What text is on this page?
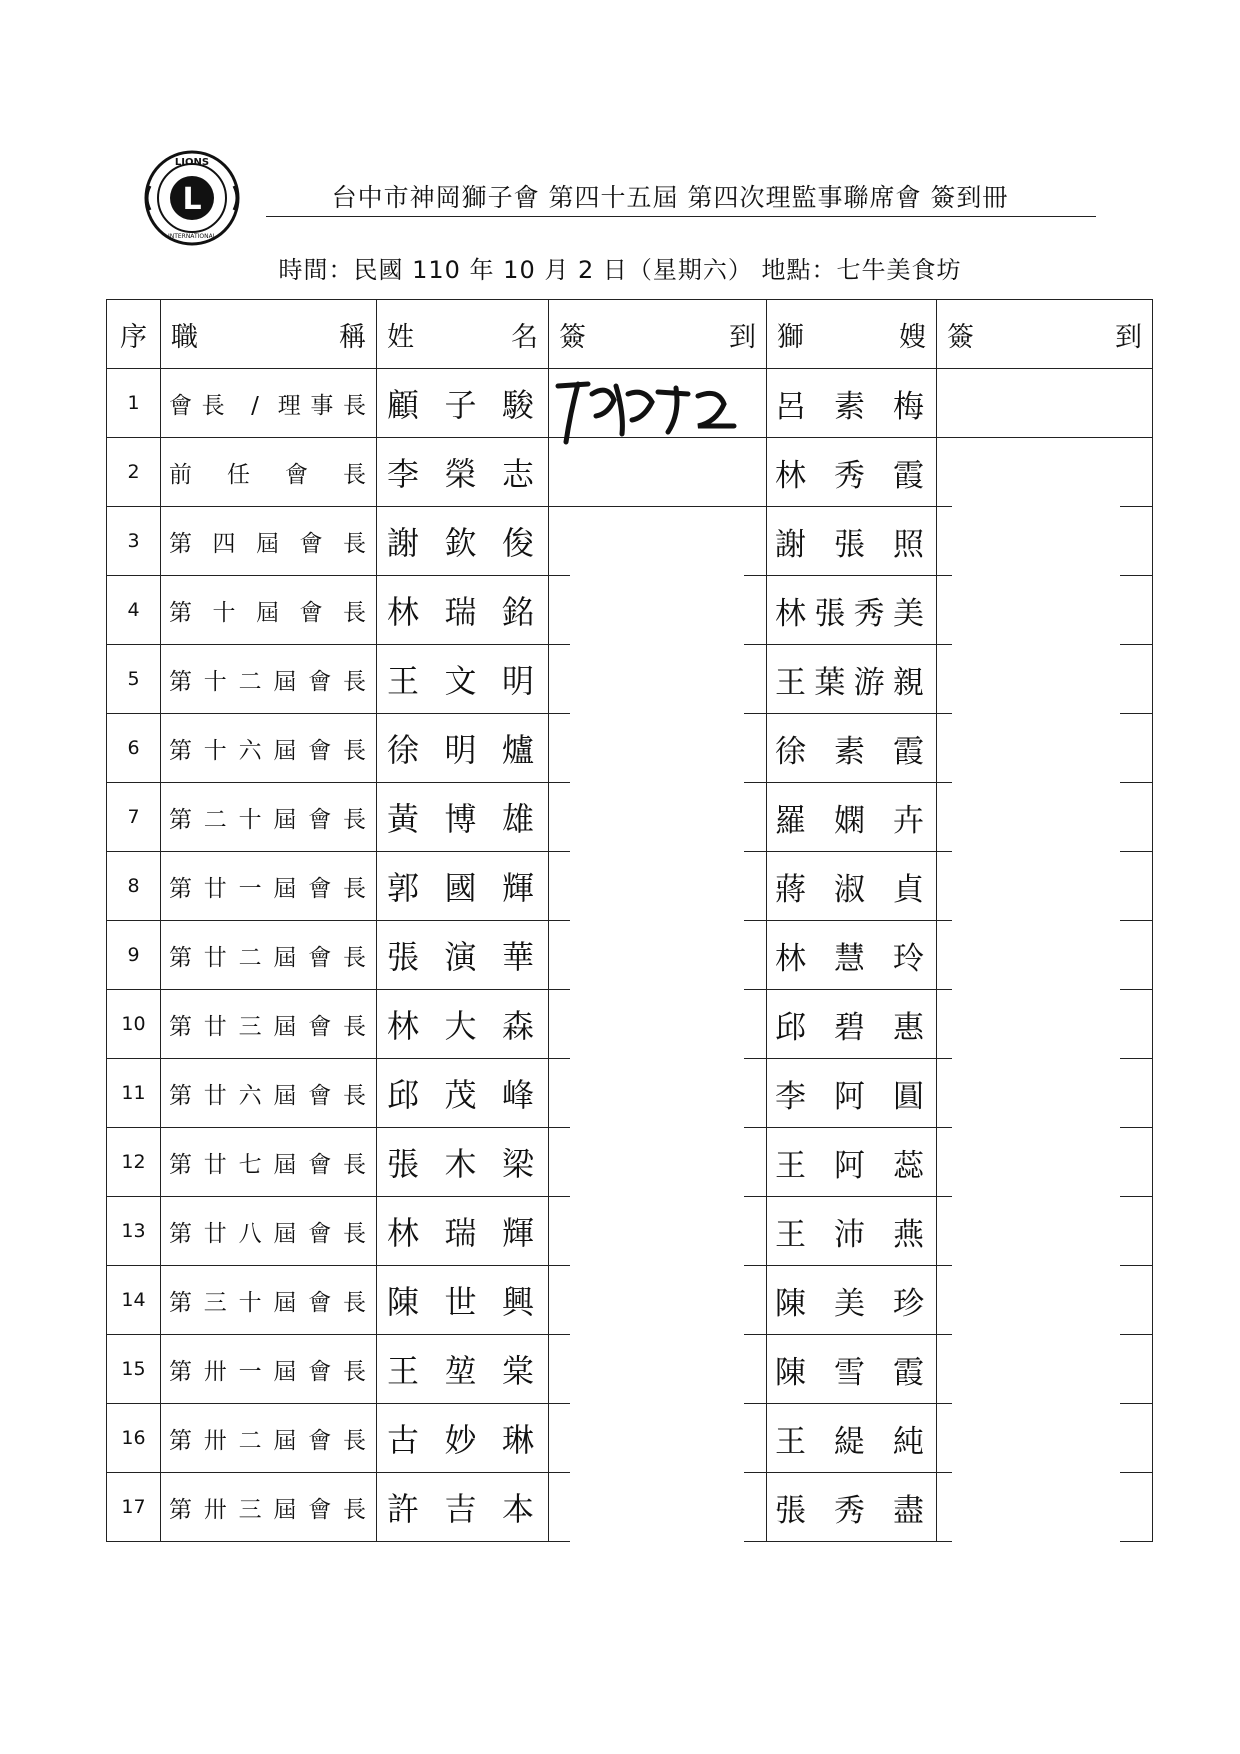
L
LIONS
INTERNATIONAL
台中市神岡獅子會 第四十五屆 第四次理監事聯席會 簽到冊
時間：民國 110 年 10 月 2 日（星期六） 地點：七牛美食坊
序	職 稱	姓 名	簽 到	獅 嫂	簽 到

1	會長 / 理事長	顧子駿		呂素梅	

2	前任會長	李榮志		林秀霞	

3	第四屆會長	謝欽俊		謝張照	

4	第十屆會長	林瑞銘		林張秀美	

5	第十二屆會長	王文明		王葉游親	

6	第十六屆會長	徐明爐		徐素霞	

7	第二十屆會長	黃博雄		羅嫻卉	

8	第廿一屆會長	郭國輝		蔣淑貞	

9	第廿二屆會長	張演華		林慧玲	

10	第廿三屆會長	林大森		邱碧惠	

11	第廿六屆會長	邱茂峰		李阿圓	

12	第廿七屆會長	張木梁		王阿蕊	

13	第廿八屆會長	林瑞輝		王沛燕	

14	第三十屆會長	陳世興		陳美珍	

15	第卅一屆會長	王堃棠		陳雪霞	

16	第卅二屆會長	古妙琳		王緹純	

17	第卅三屆會長	許吉本		張秀盡	
